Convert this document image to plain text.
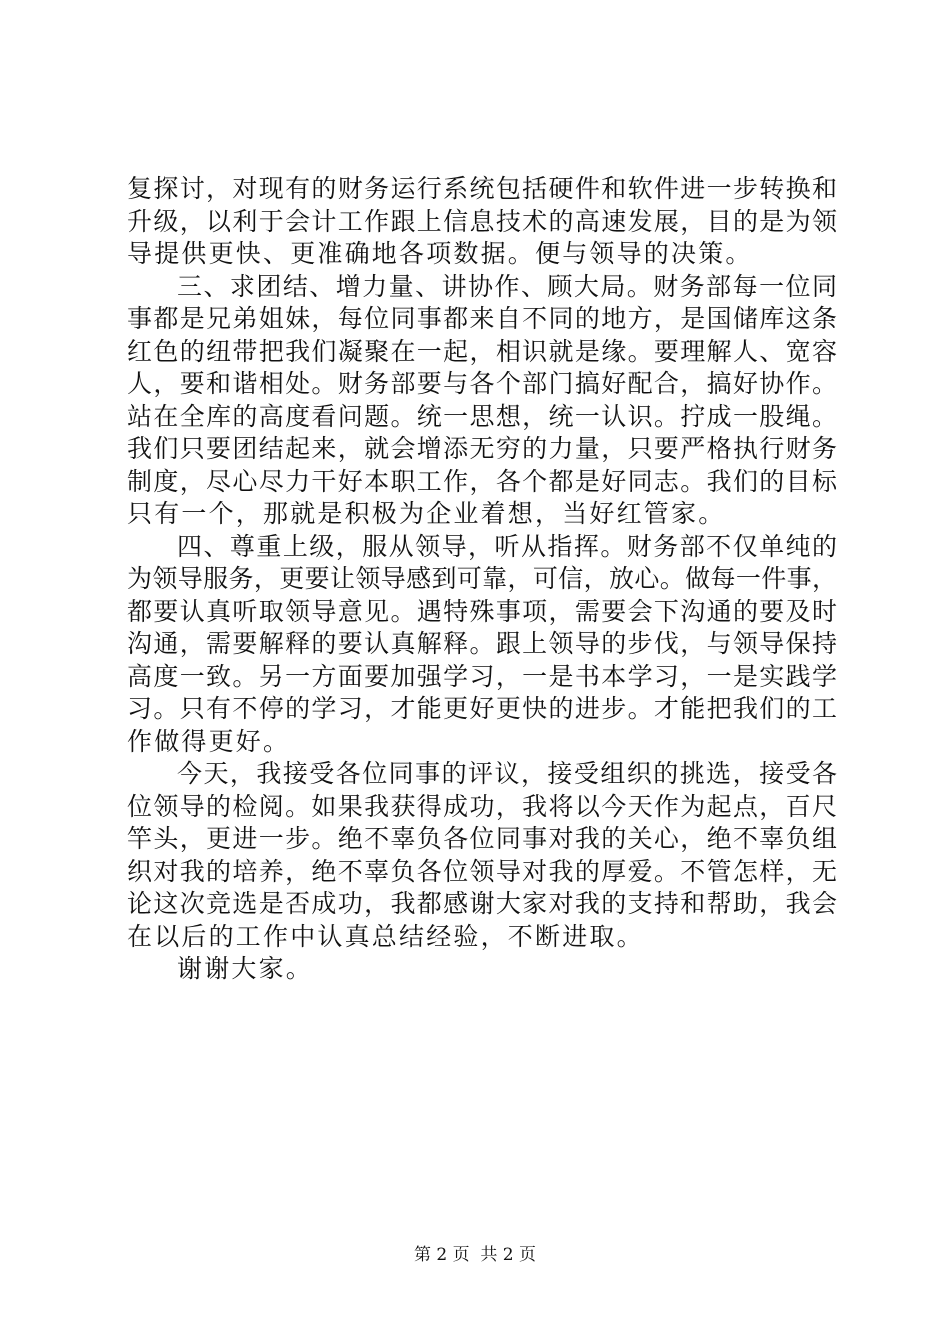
复探讨，对现有的财务运行系统包括硬件和软件进一步转换和
升级，以利于会计工作跟上信息技术的高速发展，目的是为领
导提供更快、更准确地各项数据。便与领导的决策。
三、求团结、增力量、讲协作、顾大局。财务部每一位同
事都是兄弟姐妹，每位同事都来自不同的地方，是国储库这条
红色的纽带把我们凝聚在一起，相识就是缘。要理解人、宽容
人，要和谐相处。财务部要与各个部门搞好配合，搞好协作。
站在全库的高度看问题。统一思想，统一认识。拧成一股绳。
我们只要团结起来，就会增添无穷的力量，只要严格执行财务
制度，尽心尽力干好本职工作，各个都是好同志。我们的目标
只有一个，那就是积极为企业着想，当好红管家。
四、尊重上级，服从领导，听从指挥。财务部不仅单纯的
为领导服务，更要让领导感到可靠，可信，放心。做每一件事，
都要认真听取领导意见。遇特殊事项，需要会下沟通的要及时
沟通，需要解释的要认真解释。跟上领导的步伐，与领导保持
高度一致。另一方面要加强学习，一是书本学习，一是实践学
习。只有不停的学习，才能更好更快的进步。才能把我们的工
作做得更好。
今天，我接受各位同事的评议，接受组织的挑选，接受各
位领导的检阅。如果我获得成功，我将以今天作为起点，百尺
竿头，更进一步。绝不辜负各位同事对我的关心，绝不辜负组
织对我的培养，绝不辜负各位领导对我的厚爱。不管怎样，无
论这次竞选是否成功，我都感谢大家对我的支持和帮助，我会
在以后的工作中认真总结经验，不断进取。
谢谢大家。
第 2 页  共 2 页
